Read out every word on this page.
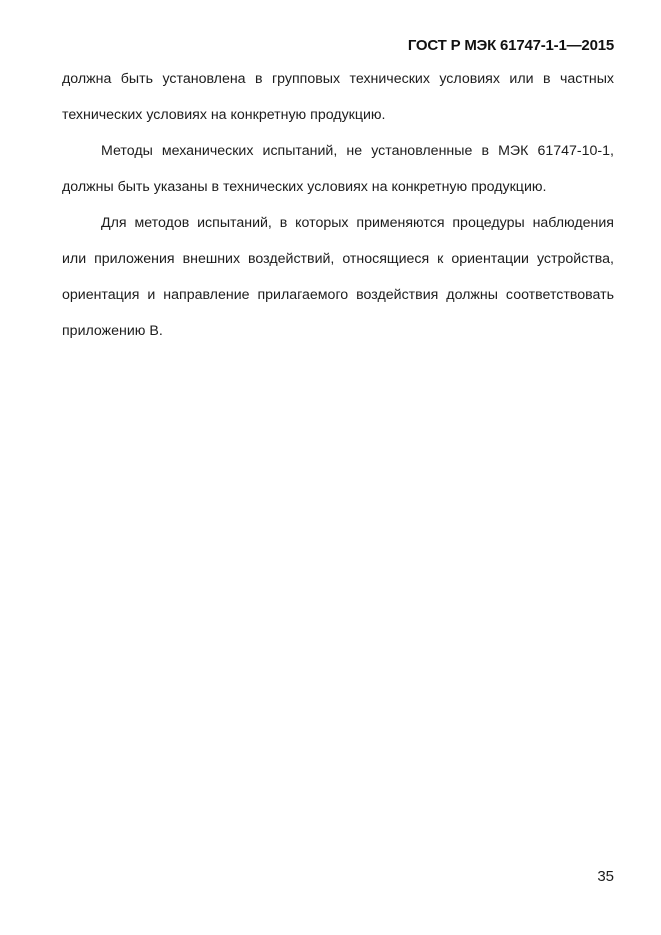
ГОСТ Р МЭК 61747-1-1—2015

должна быть установлена в групповых технических условиях или в частных технических условиях на конкретную продукцию.

Методы механических испытаний, не установленные в МЭК 61747-10-1, должны быть указаны в технических условиях на конкретную продукцию.

Для методов испытаний, в которых применяются процедуры наблюдения или приложения внешних воздействий, относящиеся к ориентации устройства, ориентация и направление прилагаемого воздействия должны соответствовать приложению В.

35
